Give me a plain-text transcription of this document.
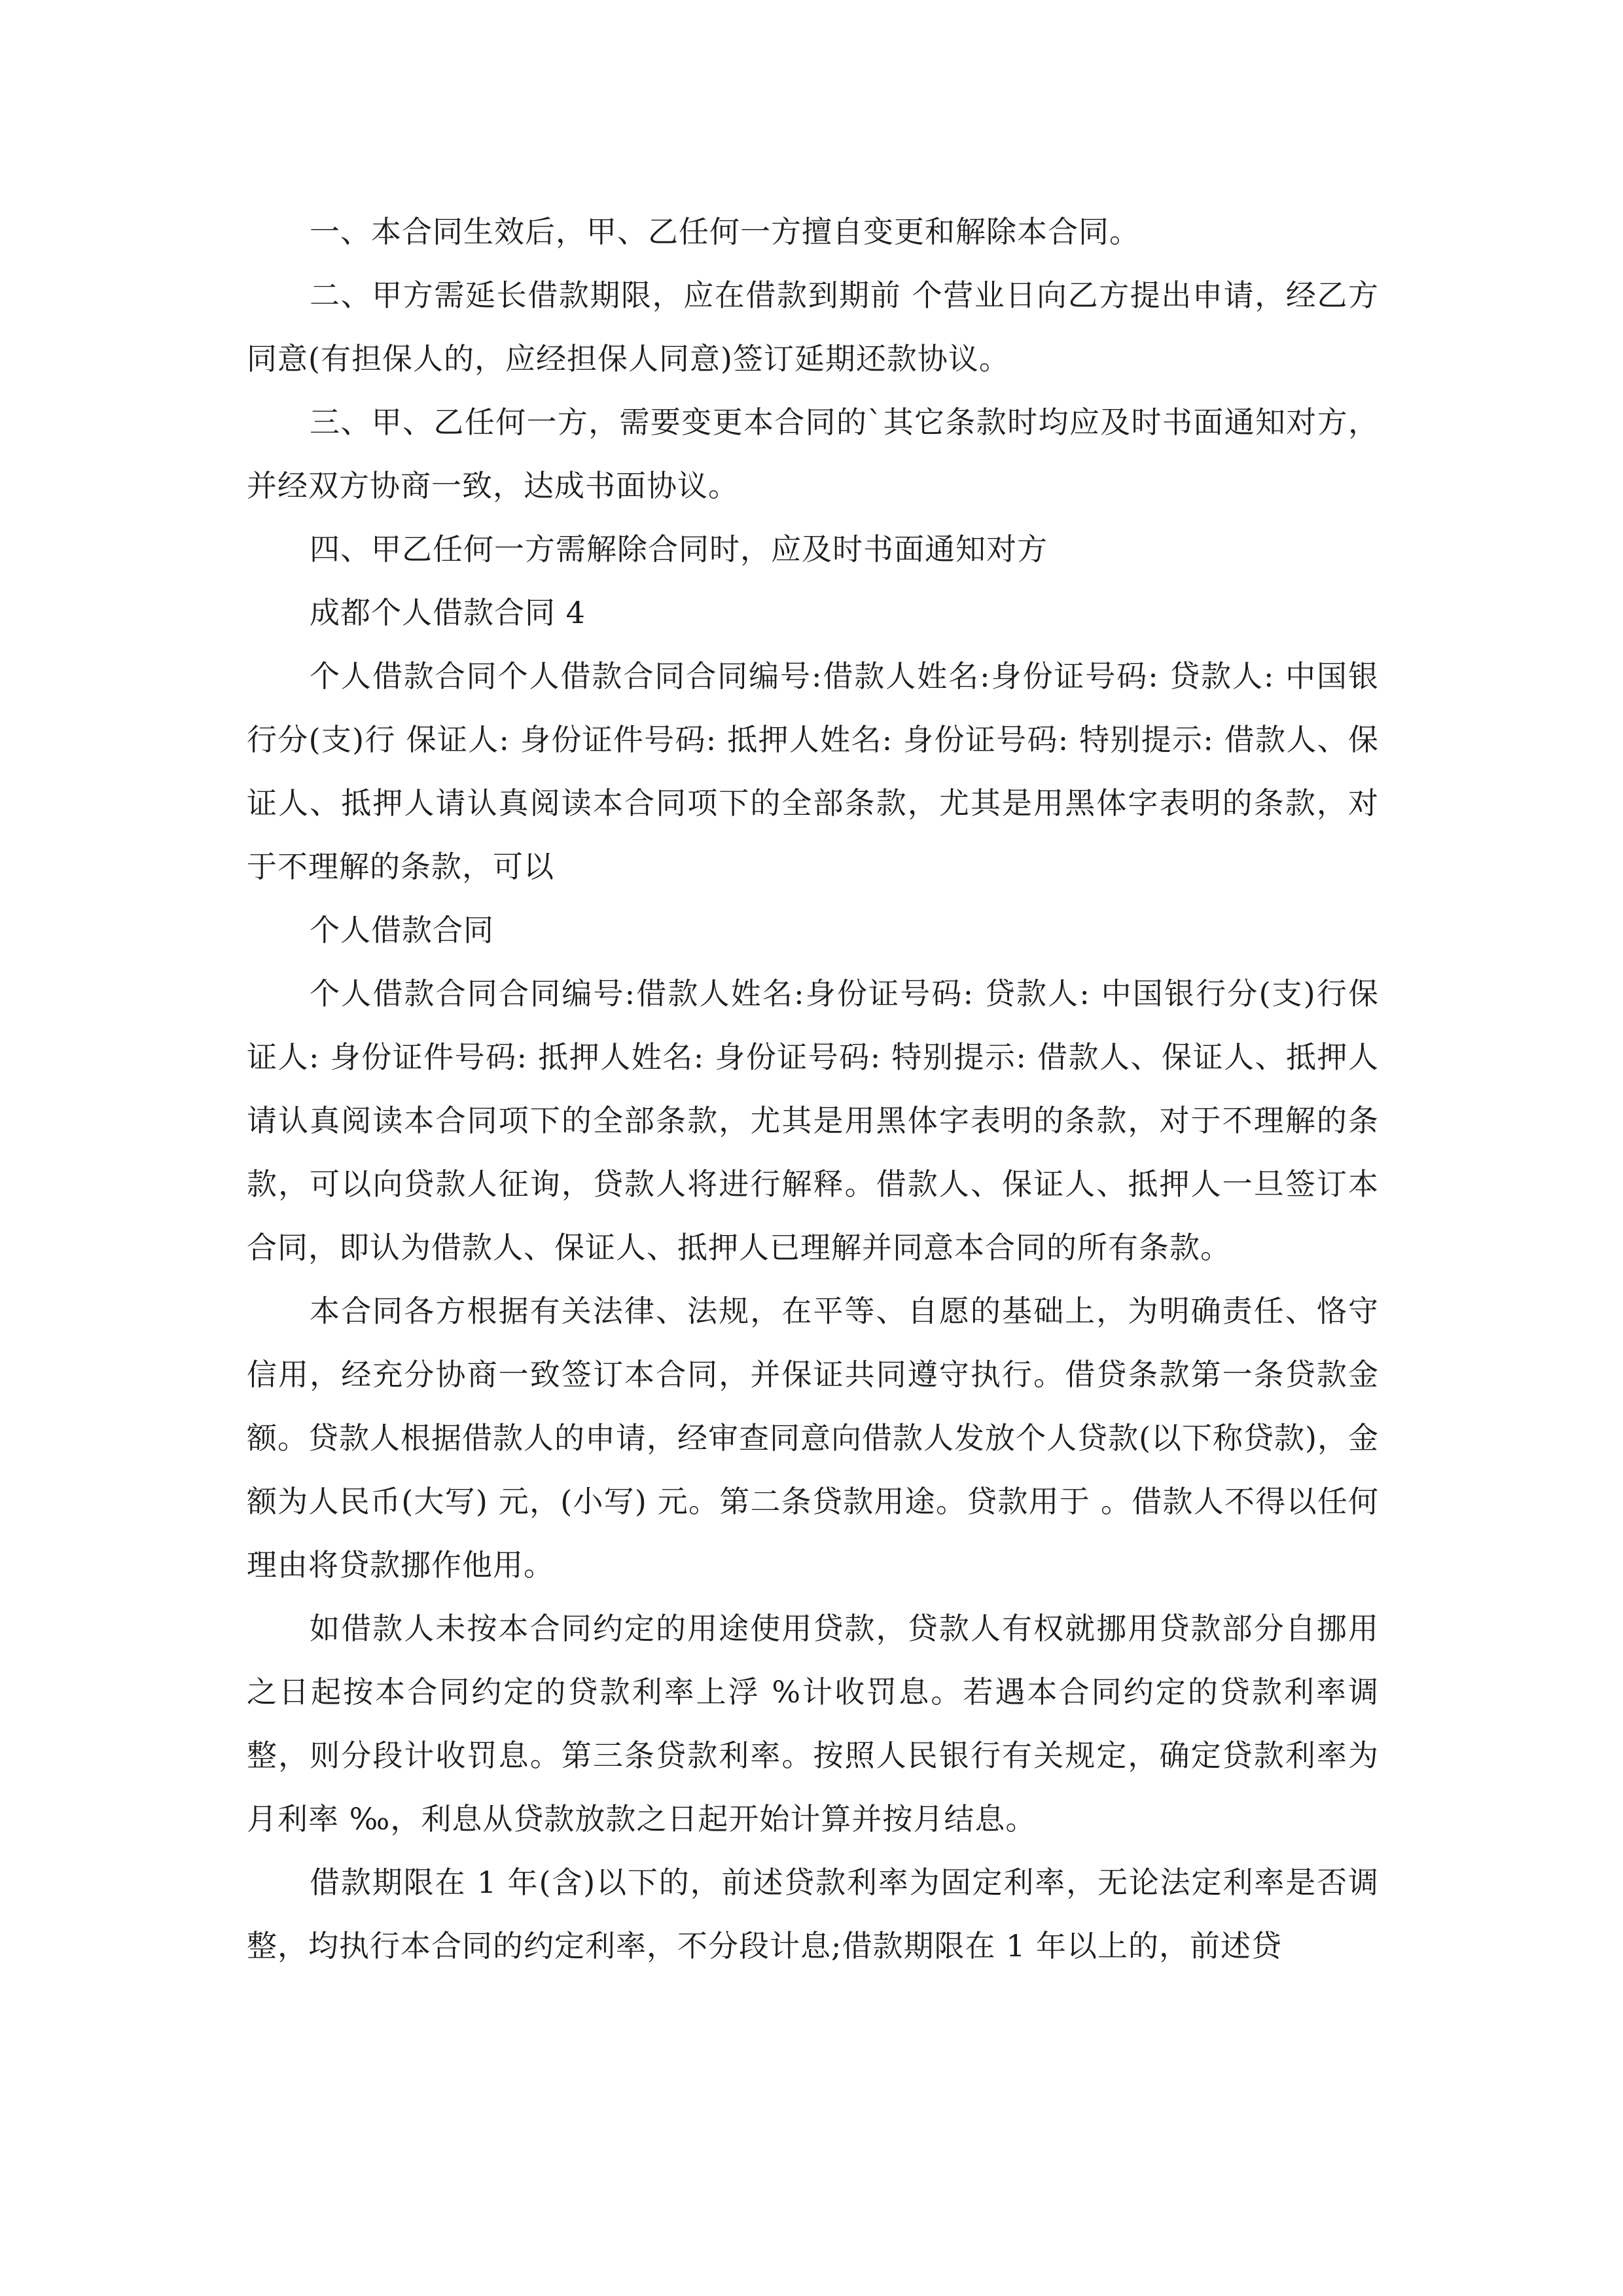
一、本合同生效后，甲、乙任何一方擅自变更和解除本合同。

二、甲方需延长借款期限，应在借款到期前 个营业日向乙方提出申请，经乙方同意(有担保人的，应经担保人同意)签订延期还款协议。

三、甲、乙任何一方，需要变更本合同的`其它条款时均应及时书面通知对方，并经双方协商一致，达成书面协议。

四、甲乙任何一方需解除合同时，应及时书面通知对方

成都个人借款合同 4

个人借款合同个人借款合同合同编号:借款人姓名:身份证号码: 贷款人: 中国银行分(支)行 保证人: 身份证件号码: 抵押人姓名: 身份证号码: 特别提示: 借款人、保证人、抵押人请认真阅读本合同项下的全部条款，尤其是用黑体字表明的条款，对于不理解的条款，可以

个人借款合同

个人借款合同合同编号:借款人姓名:身份证号码: 贷款人: 中国银行分(支)行保证人: 身份证件号码: 抵押人姓名: 身份证号码: 特别提示: 借款人、保证人、抵押人请认真阅读本合同项下的全部条款，尤其是用黑体字表明的条款，对于不理解的条款，可以向贷款人征询，贷款人将进行解释。借款人、保证人、抵押人一旦签订本合同，即认为借款人、保证人、抵押人已理解并同意本合同的所有条款。

本合同各方根据有关法律、法规，在平等、自愿的基础上，为明确责任、恪守信用，经充分协商一致签订本合同，并保证共同遵守执行。借贷条款第一条贷款金额。贷款人根据借款人的申请，经审查同意向借款人发放个人贷款(以下称贷款)，金额为人民币(大写) 元，(小写) 元。第二条贷款用途。贷款用于 。借款人不得以任何理由将贷款挪作他用。

如借款人未按本合同约定的用途使用贷款，贷款人有权就挪用贷款部分自挪用之日起按本合同约定的贷款利率上浮 %计收罚息。若遇本合同约定的贷款利率调整，则分段计收罚息。第三条贷款利率。按照人民银行有关规定，确定贷款利率为月利率 ‰，利息从贷款放款之日起开始计算并按月结息。

借款期限在 1 年(含)以下的，前述贷款利率为固定利率，无论法定利率是否调整，均执行本合同的约定利率，不分段计息;借款期限在 1 年以上的，前述贷
